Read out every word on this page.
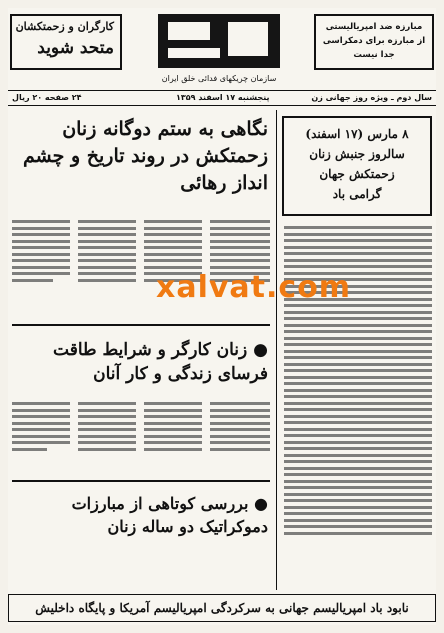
کارگران و زحمتکشان
متحد شوید
سازمان چریکهای فدائی خلق ایران
مبارزه ضد امپریالیستی
از مبارزه برای دمکراسی
جدا نیست
۲۴ صفحه ۲۰ ریال	پنجشنبه ۱۷ اسفند ۱۳۵۹	سال دوم ـ ویژه روز جهانی زن
نگاهی به ستم دوگانه زنان زحمتکش در روند تاریخ و چشم انداز رهائی
● زنان کارگر و شرایط طاقت فرسای زندگی و کار آنان
● بررسی کوتاهی از مبارزات دموکراتیک دو ساله زنان
۸ مارس (۱۷ اسفند)
سالروز جنبش زنان
زحمتکش جهان
گرامی باد
xalvat.com
نابود باد امپریالیسم جهانی به سرکردگی امپریالیسم آمریکا و پایگاه داخلیش
